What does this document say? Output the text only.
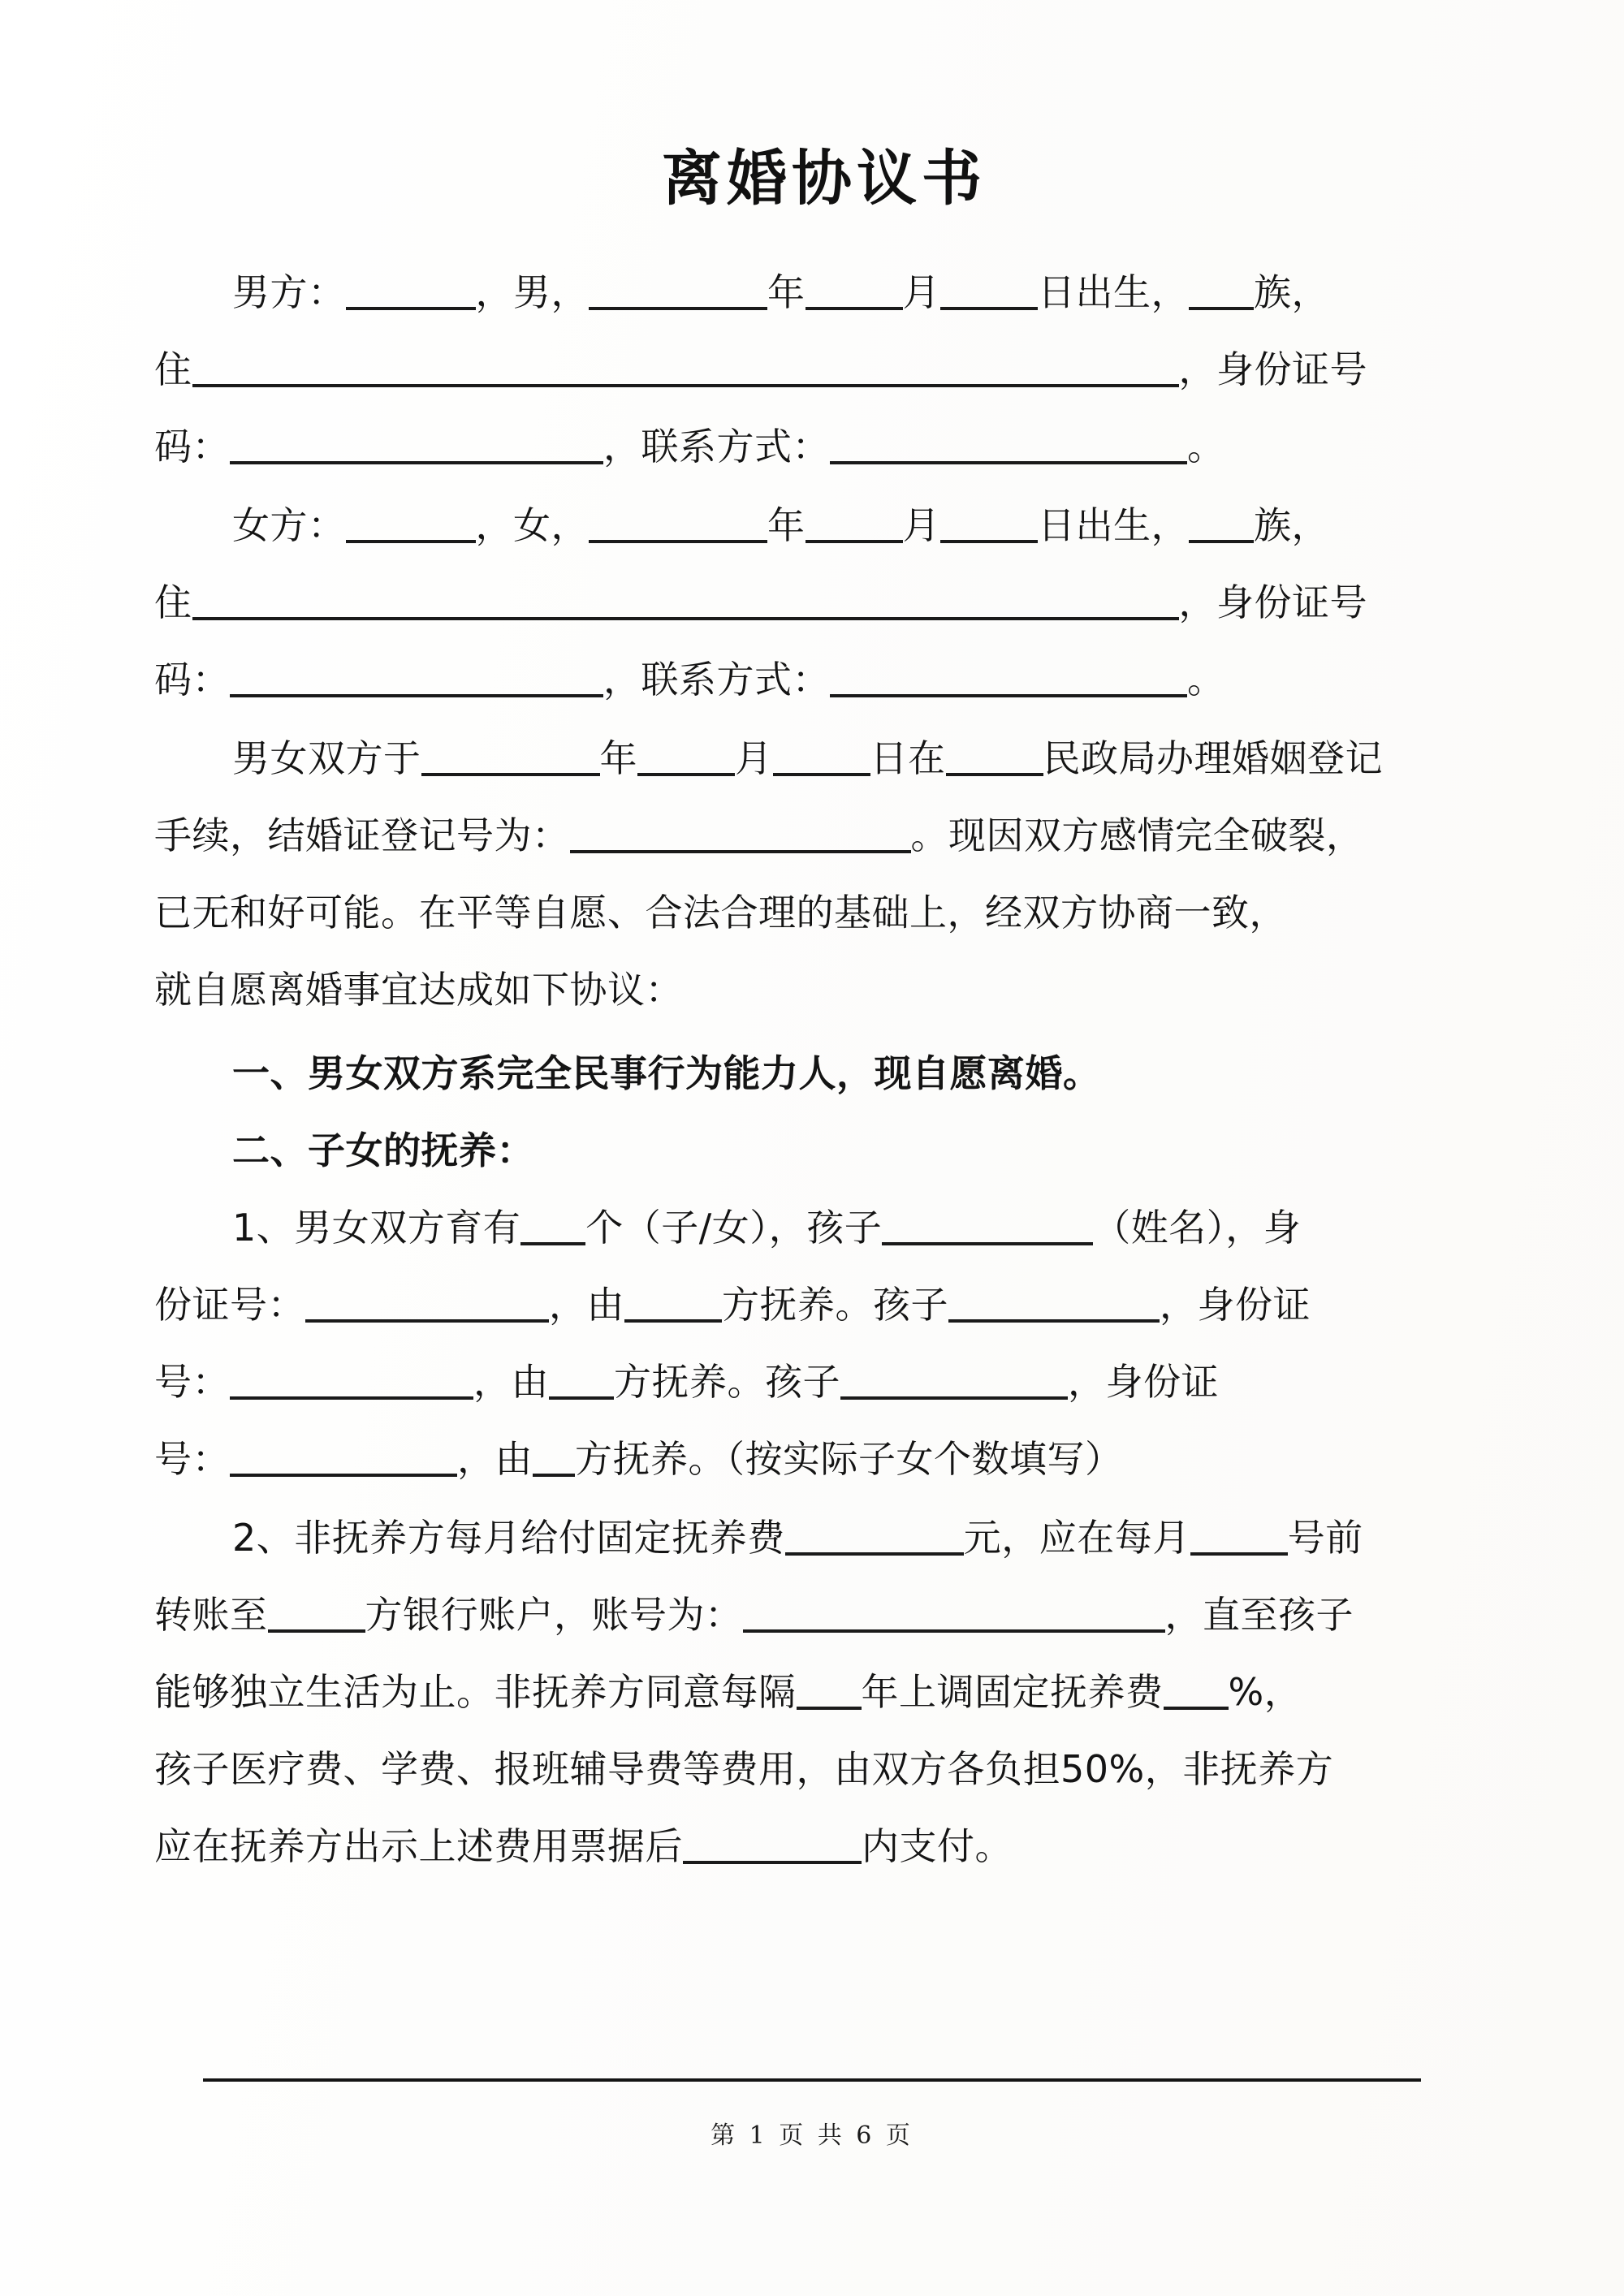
离婚协议书

男方：	，男，	年	月	日出生， 族，

住	，身份证号

码：	，联系方式：	。

女方：	，女，	年	月	日出生， 族，

住	，身份证号

码：	，联系方式：	。

男女双方于	年	月	日在	民政局办理婚姻登记

手续，结婚证登记号为：	。现因双方感情完全破裂，

已无和好可能。在平等自愿、合法合理的基础上，经双方协商一致，

就自愿离婚事宜达成如下协议：

一、男女双方系完全民事行为能力人，现自愿离婚。

二、子女的抚养：

1、男女双方育有 个（子/女），孩子	（姓名），身

份证号：	，由	方抚养。孩子	，身份证

号：	，由 方抚养。孩子	，身份证

号：	，由 方抚养。（按实际子女个数填写）

2、非抚养方每月给付固定抚养费	元，应在每月	号前

转账至	方银行账户，账号为：	，直至孩子

能够独立生活为止。非抚养方同意每隔 年上调固定抚养费 %，

孩子医疗费、学费、报班辅导费等费用，由双方各负担50%，非抚养方

应在抚养方出示上述费用票据后	内支付。

第 1 页 共 6 页
